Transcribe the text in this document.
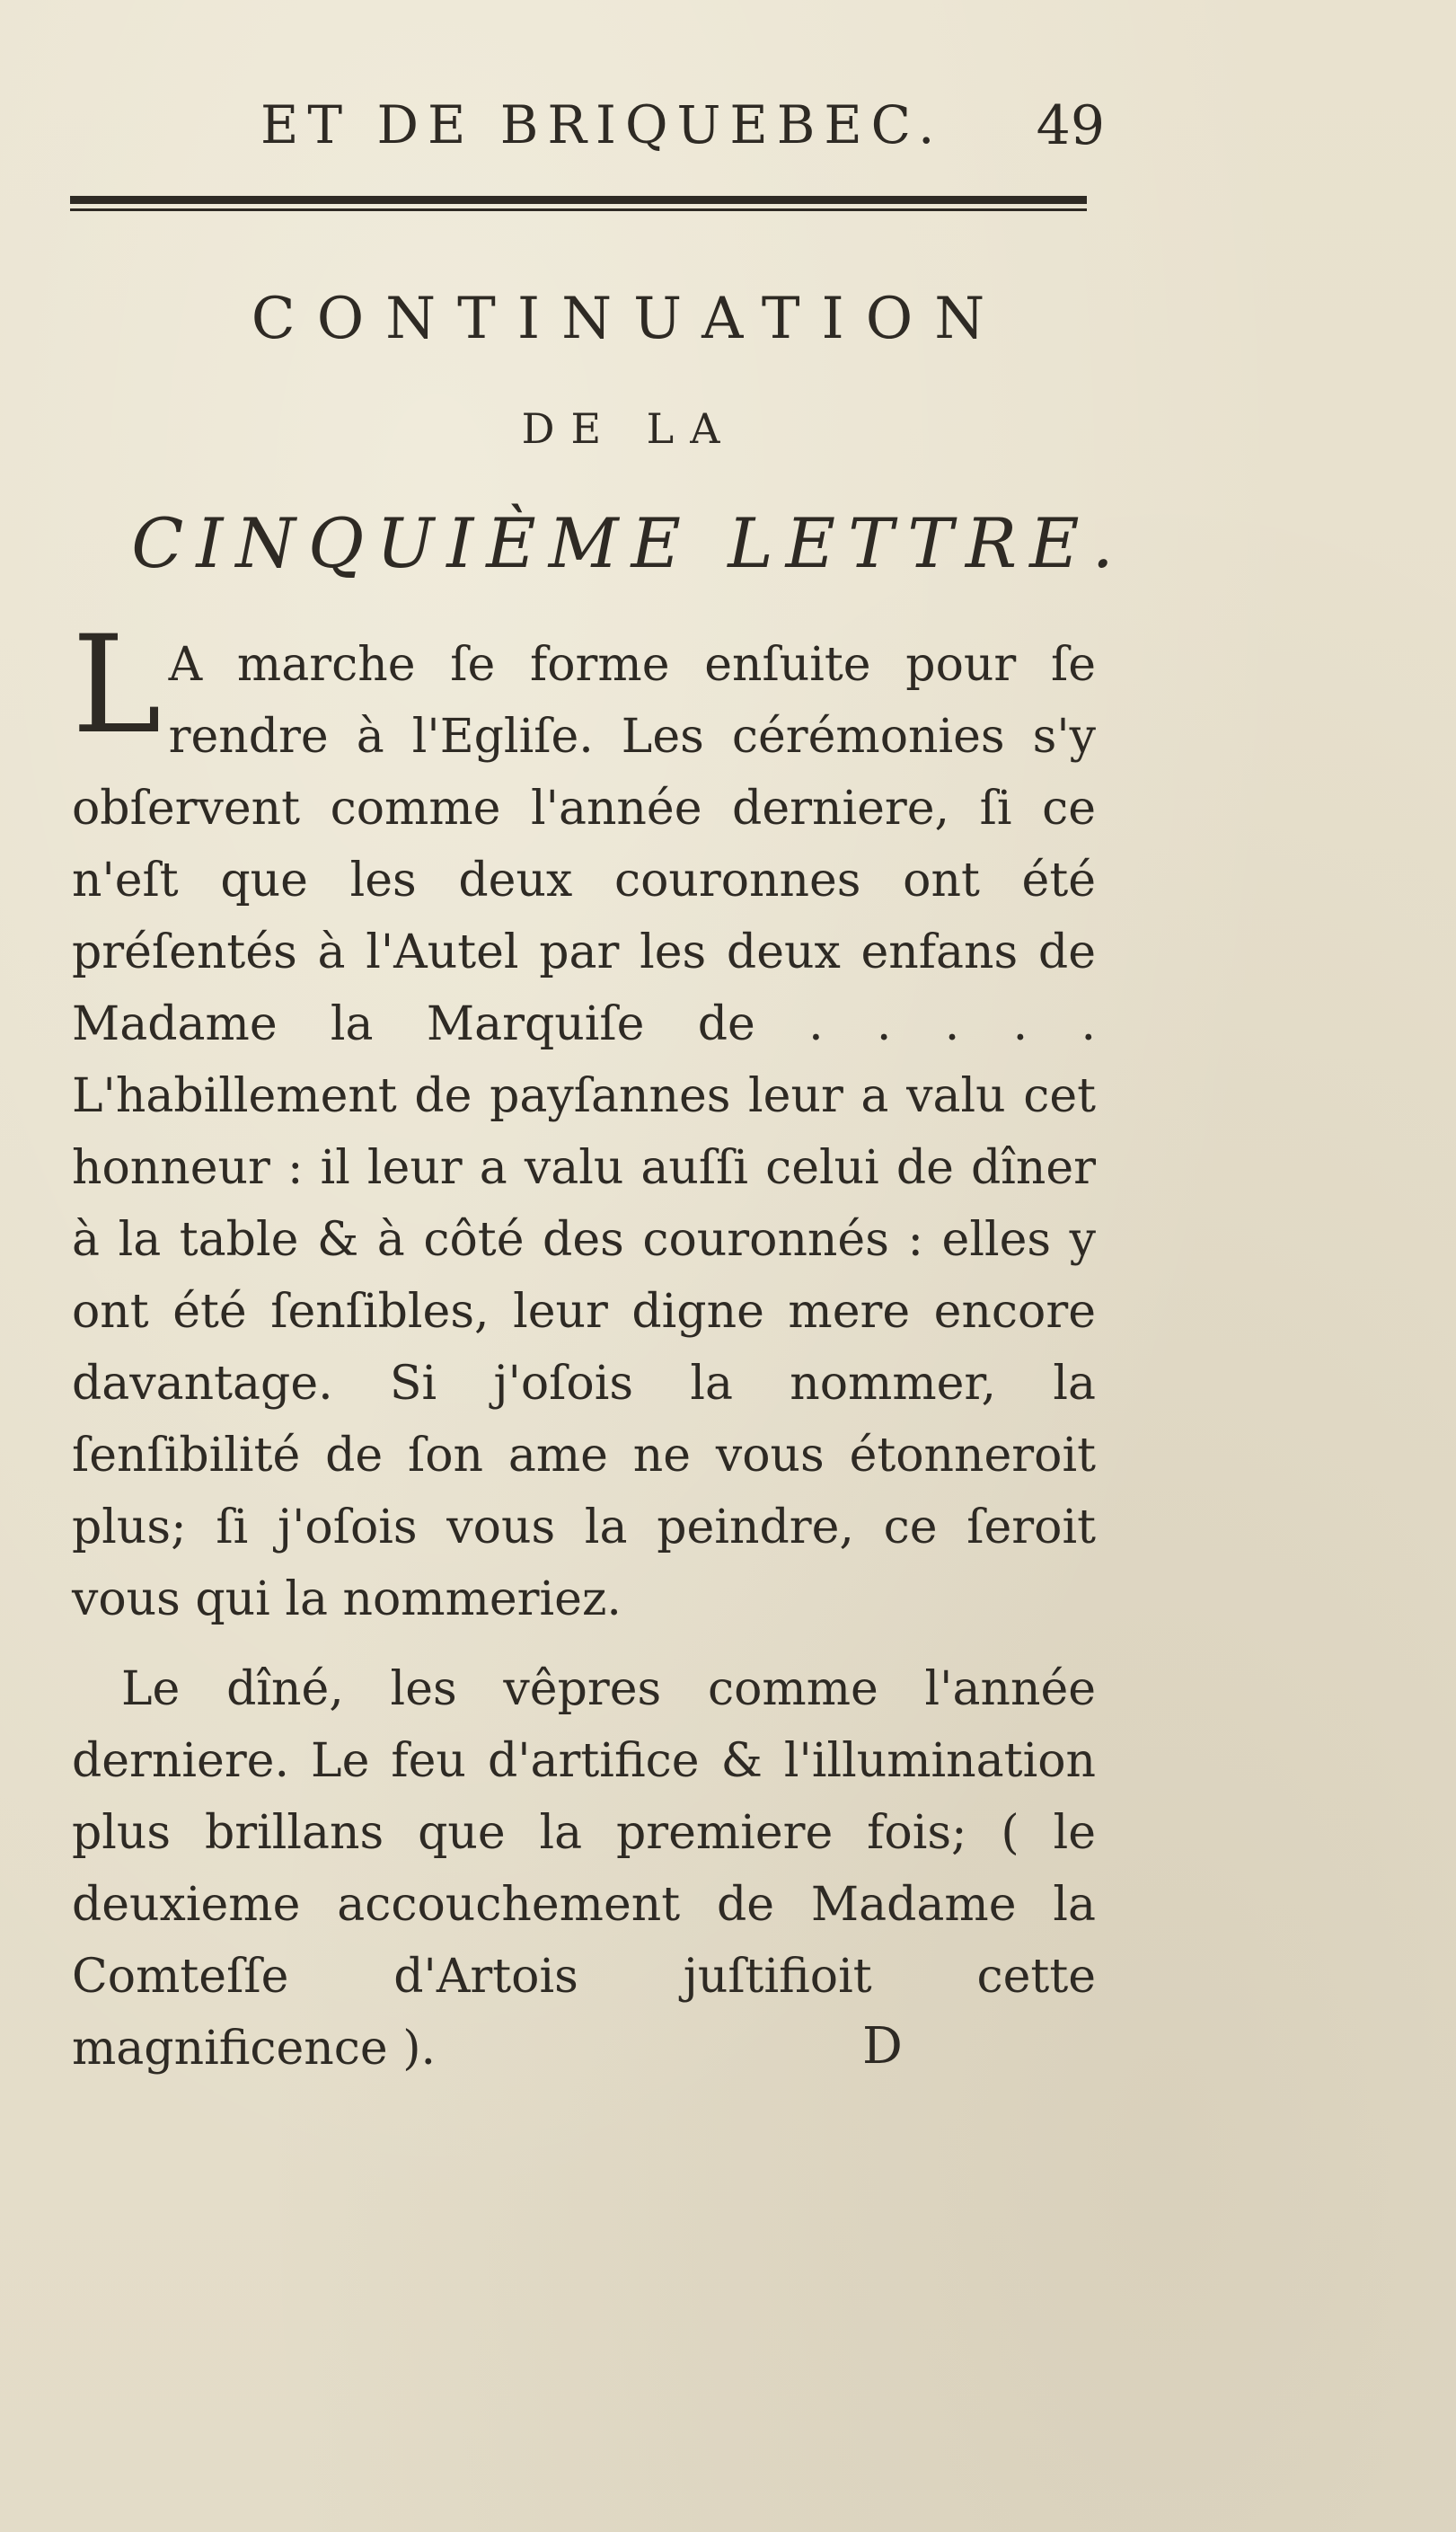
ET DE BRIQUEBEC. 49
CONTINUATION
DE LA
CINQUIÈME LETTRE.

LA marche ſe forme enſuite pour ſe rendre à l'Egliſe. Les cérémonies s'y obſervent comme l'année derniere, ſi ce n'eſt que les deux couronnes ont été préſentés à l'Autel par les deux enfans de Madame la Marquiſe de . . . . . L'habillement de payſannes leur a valu cet honneur : il leur a valu auſſi celui de dîner à la table & à côté des couronnés : elles y ont été ſenſibles, leur digne mere encore davantage. Si j'oſois la nommer, la ſenſibilité de ſon ame ne vous étonneroit plus; ſi j'oſois vous la peindre, ce ſeroit vous qui la nommeriez.

Le dîné, les vêpres comme l'année derniere. Le feu d'artifice & l'illumination plus brillans que la premiere fois; ( le deuxieme accouchement de Madame la Comteſſe d'Artois juſtifioit cette magnificence ).	D
